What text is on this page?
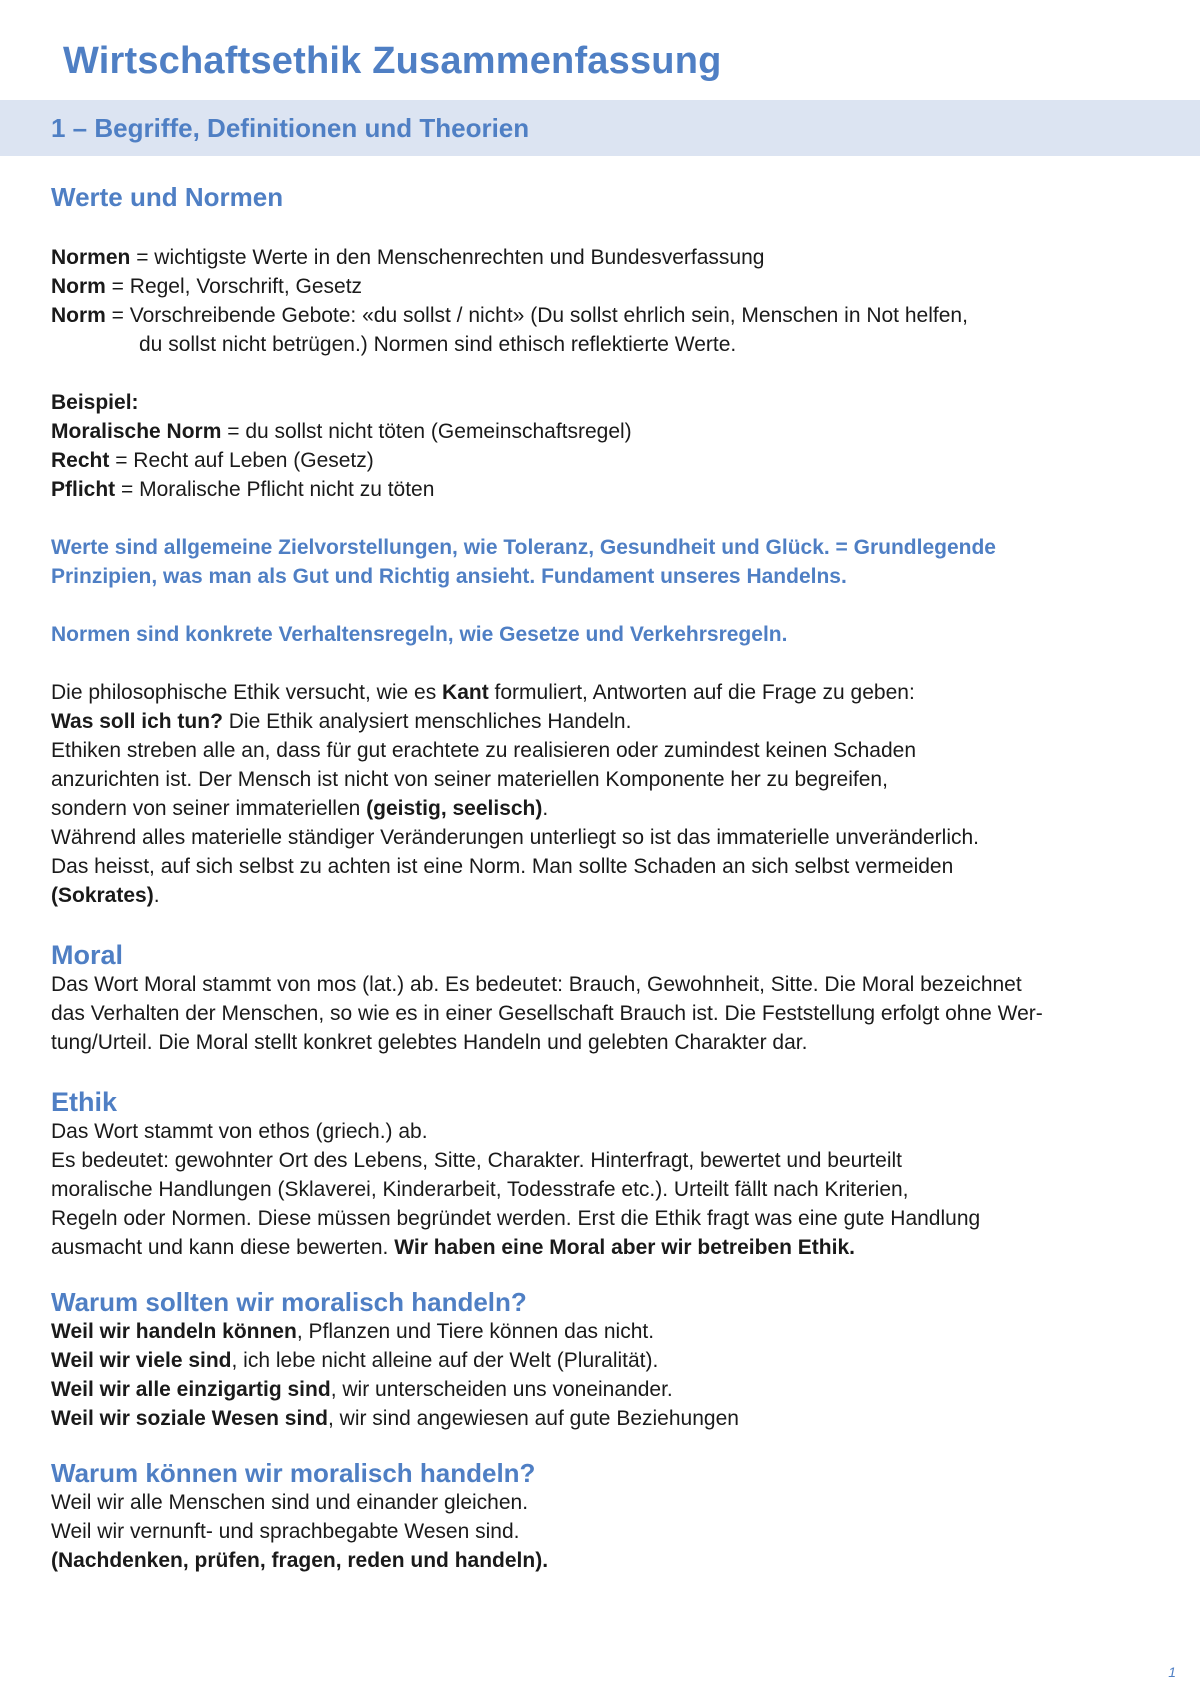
Wirtschaftsethik Zusammenfassung
1 – Begriffe, Definitionen und Theorien
Werte und Normen

Normen = wichtigste Werte in den Menschenrechten und Bundesverfassung

Norm = Regel, Vorschrift, Gesetz

Norm = Vorschreibende Gebote: «du sollst / nicht» (Du sollst ehrlich sein, Menschen in Not helfen,

du sollst nicht betrügen.) Normen sind ethisch reflektierte Werte.

Beispiel:

Moralische Norm = du sollst nicht töten (Gemeinschaftsregel)

Recht = Recht auf Leben (Gesetz)

Pflicht = Moralische Pflicht nicht zu töten

Werte sind allgemeine Zielvorstellungen, wie Toleranz, Gesundheit und Glück. = Grundlegende

Prinzipien, was man als Gut und Richtig ansieht. Fundament unseres Handelns.

Normen sind konkrete Verhaltensregeln, wie Gesetze und Verkehrsregeln.

Die philosophische Ethik versucht, wie es Kant formuliert, Antworten auf die Frage zu geben:

Was soll ich tun? Die Ethik analysiert menschliches Handeln.

Ethiken streben alle an, dass für gut erachtete zu realisieren oder zumindest keinen Schaden

anzurichten ist. Der Mensch ist nicht von seiner materiellen Komponente her zu begreifen,

sondern von seiner immateriellen (geistig, seelisch).

Während alles materielle ständiger Veränderungen unterliegt so ist das immaterielle unveränderlich.

Das heisst, auf sich selbst zu achten ist eine Norm. Man sollte Schaden an sich selbst vermeiden

(Sokrates).

Moral

Das Wort Moral stammt von mos (lat.) ab. Es bedeutet: Brauch, Gewohnheit, Sitte. Die Moral bezeichnet

das Verhalten der Menschen, so wie es in einer Gesellschaft Brauch ist. Die Feststellung erfolgt ohne Wer-

tung/Urteil. Die Moral stellt konkret gelebtes Handeln und gelebten Charakter dar.

Ethik

Das Wort stammt von ethos (griech.) ab.

Es bedeutet: gewohnter Ort des Lebens, Sitte, Charakter. Hinterfragt, bewertet und beurteilt

moralische Handlungen (Sklaverei, Kinderarbeit, Todesstrafe etc.). Urteilt fällt nach Kriterien,

Regeln oder Normen. Diese müssen begründet werden. Erst die Ethik fragt was eine gute Handlung

ausmacht und kann diese bewerten. Wir haben eine Moral aber wir betreiben Ethik.

Warum sollten wir moralisch handeln?

Weil wir handeln können, Pflanzen und Tiere können das nicht.

Weil wir viele sind, ich lebe nicht alleine auf der Welt (Pluralität).

Weil wir alle einzigartig sind, wir unterscheiden uns voneinander.

Weil wir soziale Wesen sind, wir sind angewiesen auf gute Beziehungen

Warum können wir moralisch handeln?

Weil wir alle Menschen sind und einander gleichen.

Weil wir vernunft- und sprachbegabte Wesen sind.

(Nachdenken, prüfen, fragen, reden und handeln).

1
